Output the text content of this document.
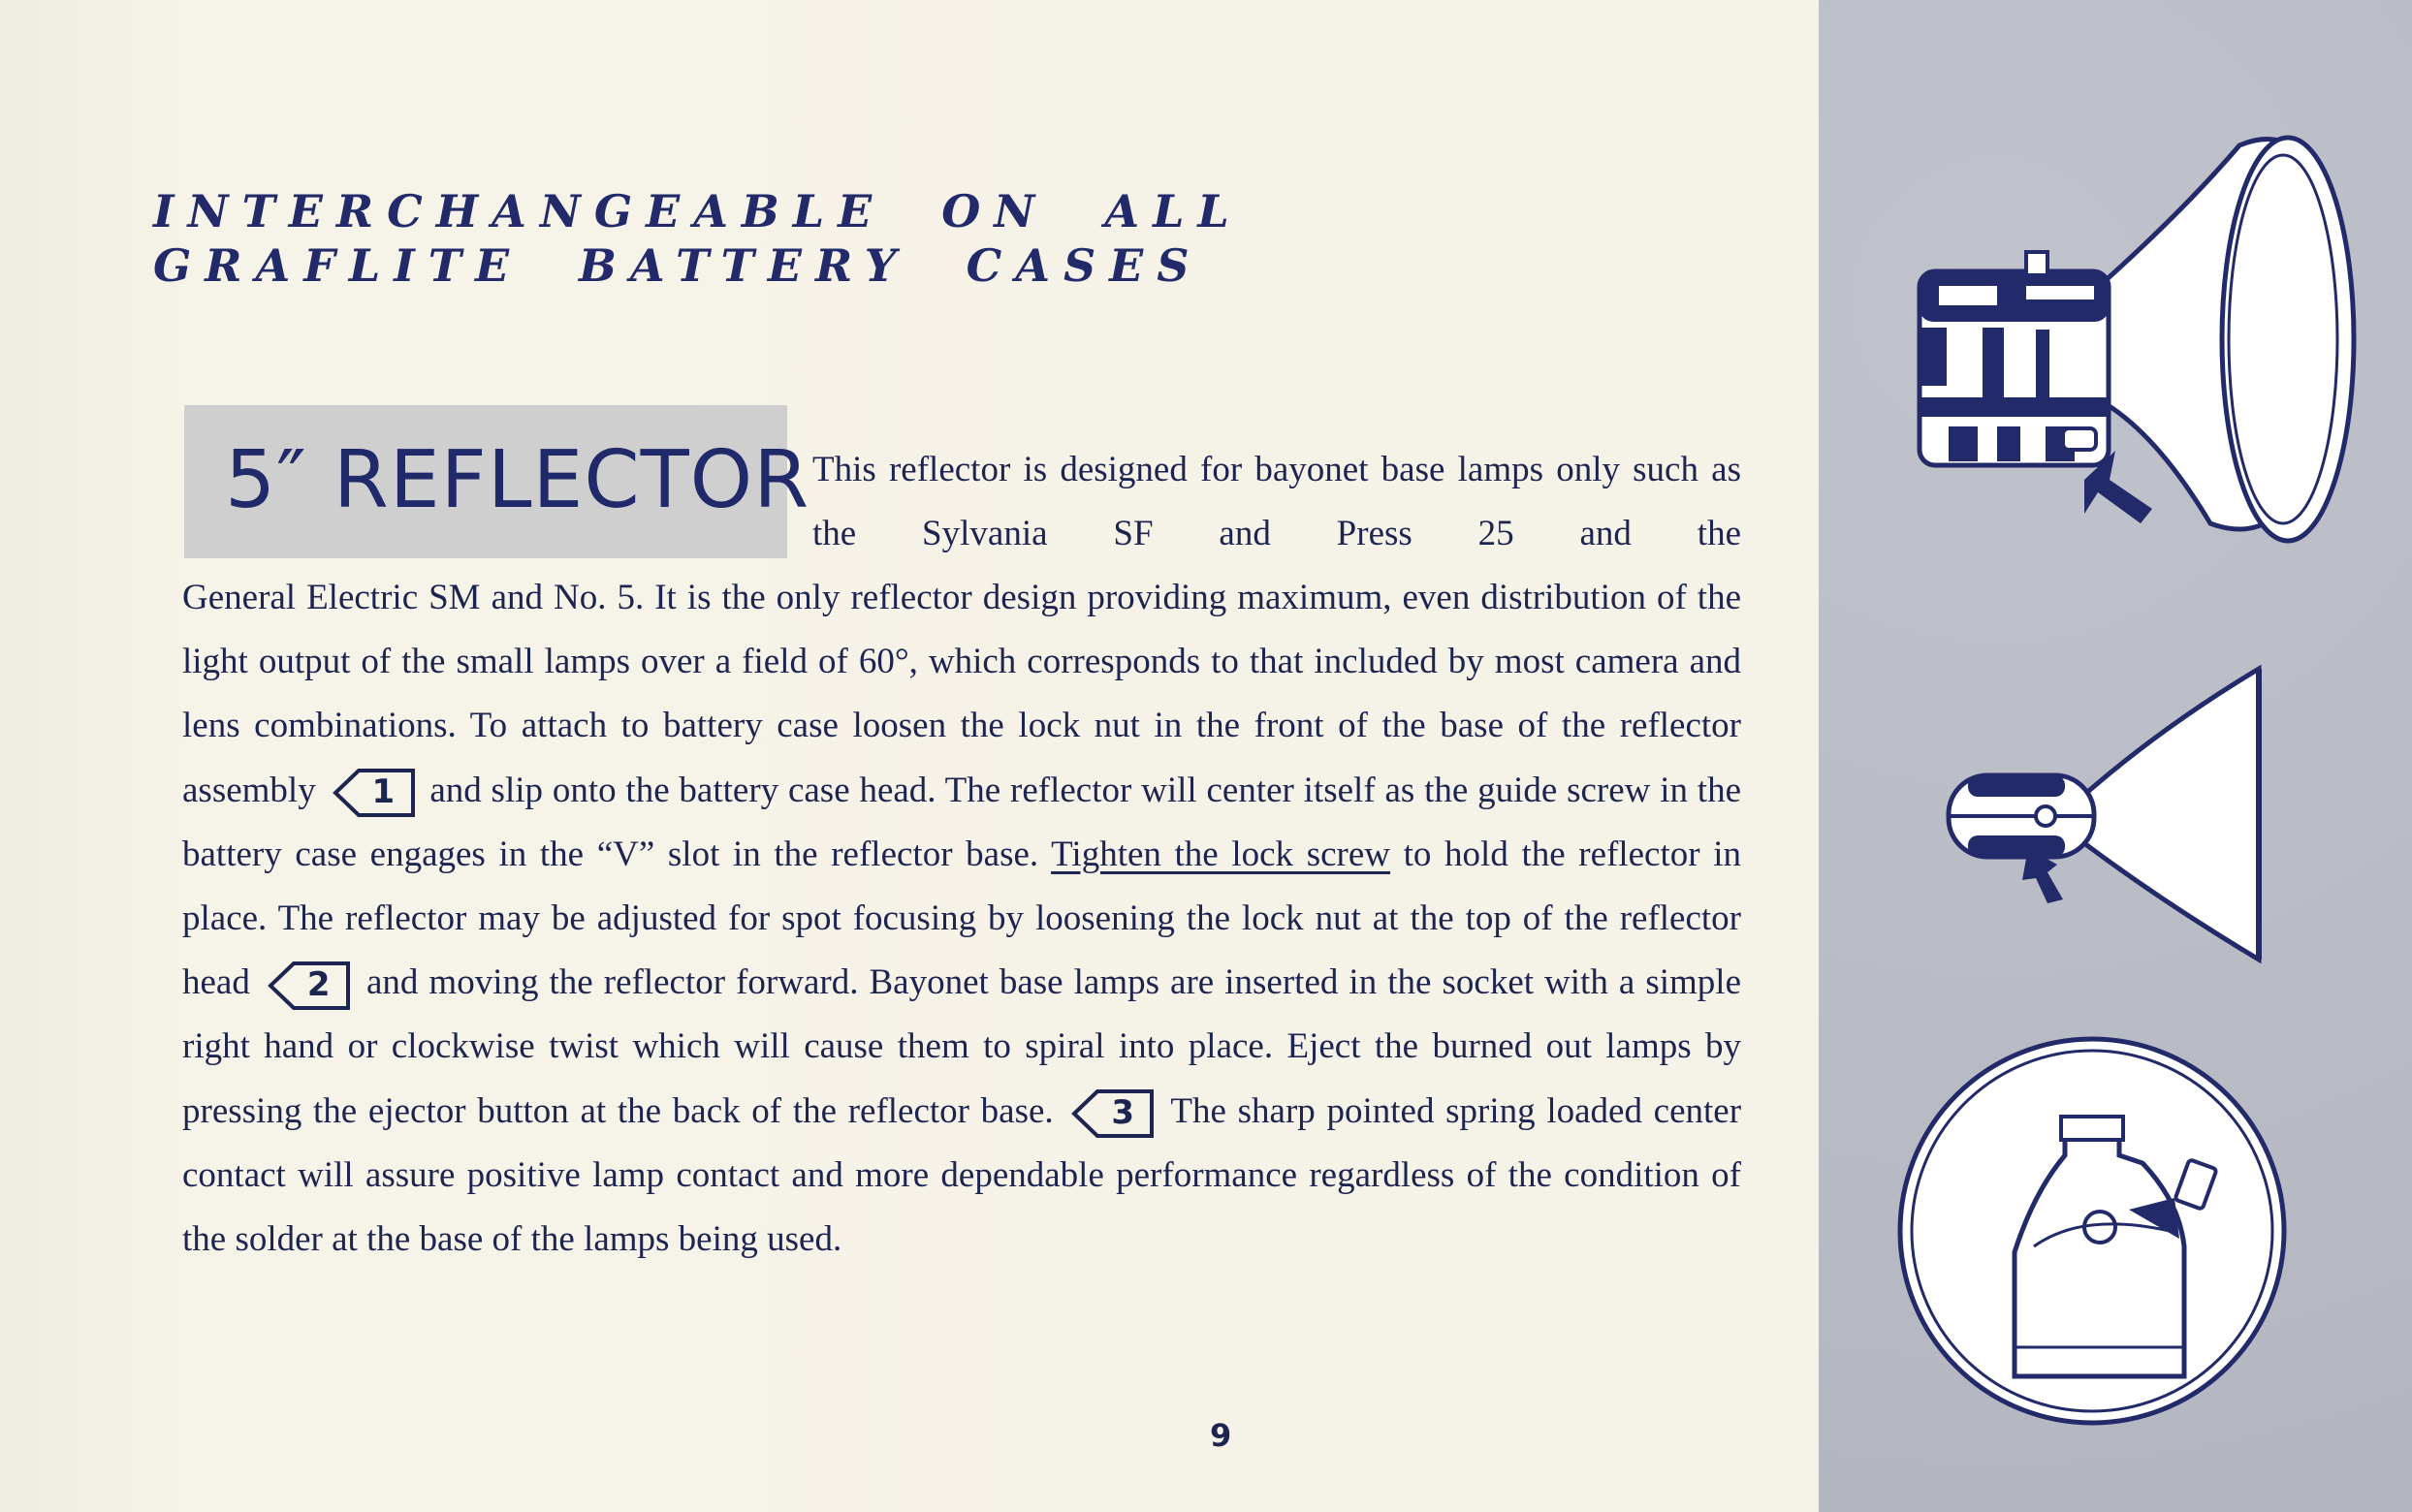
INTERCHANGEABLE ON ALL
GRAFLITE BATTERY CASES
5″ REFLECTOR This reflector is designed for bayonet base lamps only such as the Sylvania SF and Press 25 and the
General Electric SM and No. 5. It is the only reflector design providing maximum, even distribution of the light output of the small lamps over a field of 60°, which corresponds to that included by most camera and lens combinations. To attach to battery case loosen the lock nut in the front of the base of the reflector assembly 1 and slip onto the battery case head. The reflector will center itself as the guide screw in the battery case engages in the “V” slot in the reflector base. Tighten the lock screw to hold the reflector in place. The reflector may be adjusted for spot focusing by loosening the lock nut at the top of the reflector head 2 and moving the reflector forward. Bayonet base lamps are inserted in the socket with a simple right hand or clockwise twist which will cause them to spiral into place. Eject the burned out lamps by pressing the ejector button at the back of the reflector base. 3 The sharp pointed spring loaded center contact will assure positive lamp contact and more dependable performance regardless of the condition of the solder at the base of the lamps being used.
9
